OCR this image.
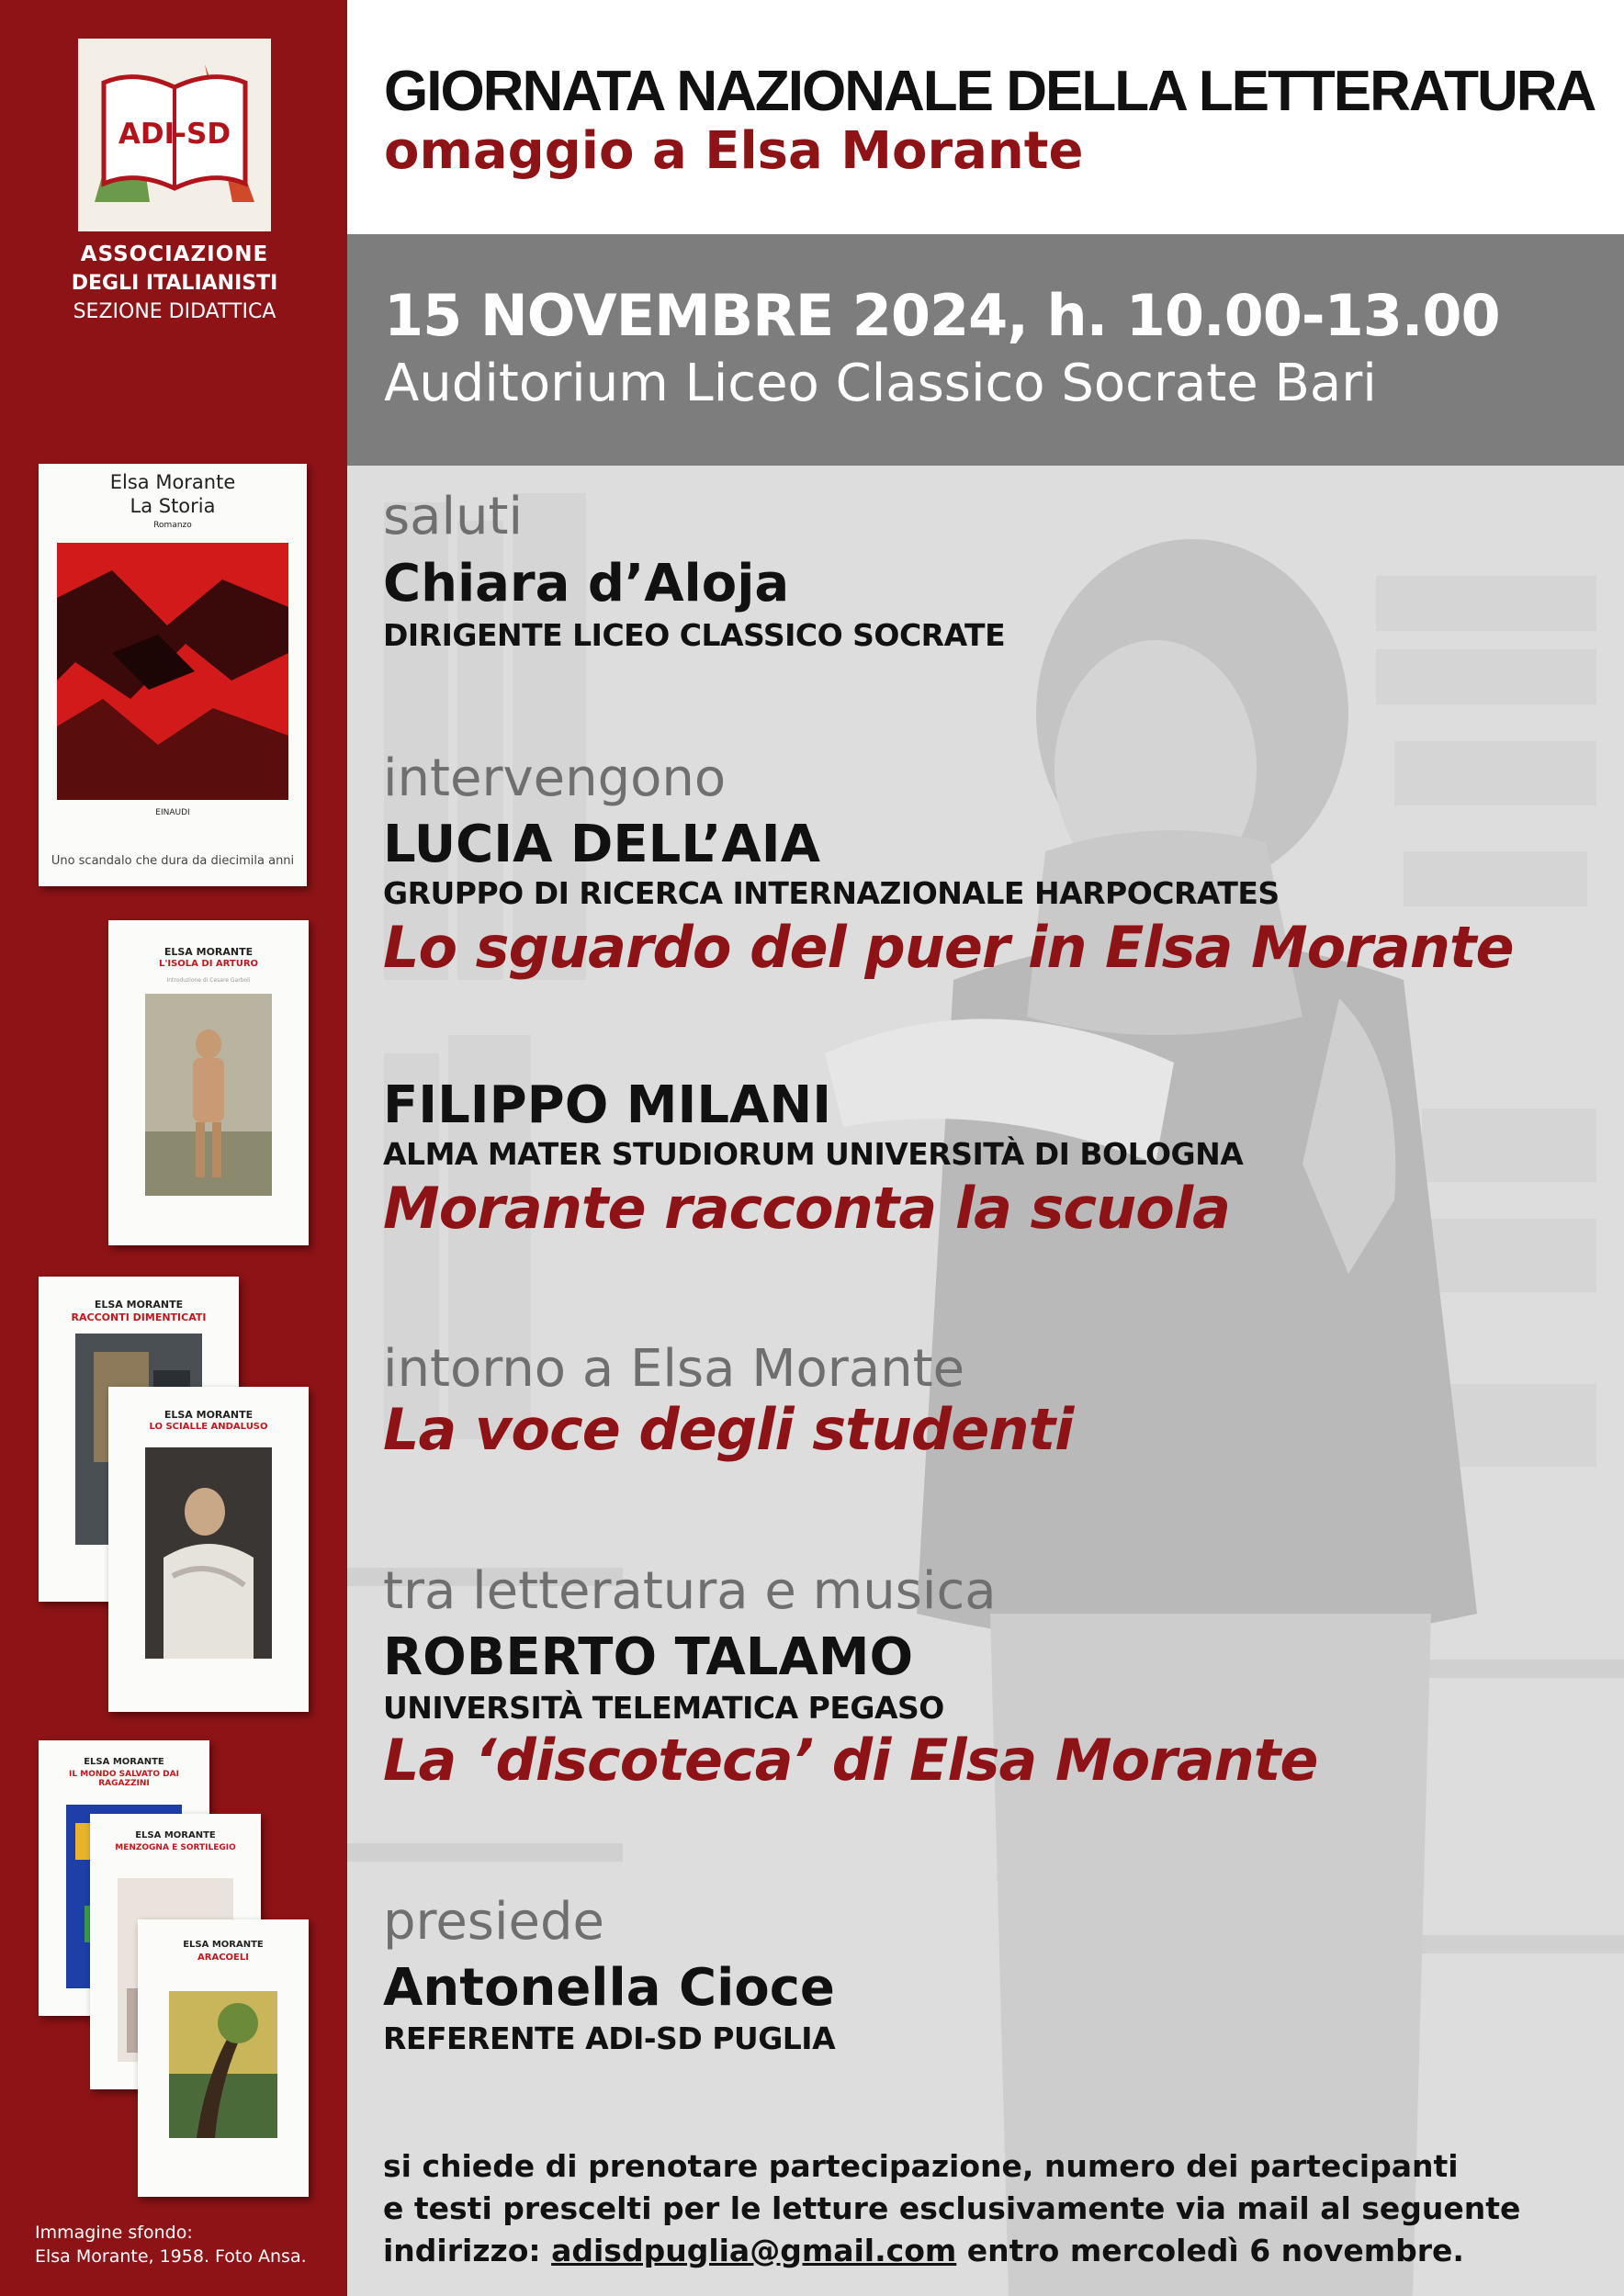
ADI-SD
ASSOCIAZIONE
DEGLI ITALIANISTI
SEZIONE DIDATTICA
Elsa Morante
La Storia
Romanzo
EINAUDI
Uno scandalo che dura da diecimila anni
ELSA MORANTE
L'ISOLA DI ARTURO
Introduzione di Cesare Garboli
ELSA MORANTE
RACCONTI DIMENTICATI
ELSA MORANTE
LO SCIALLE ANDALUSO
ELSA MORANTE
IL MONDO SALVATO DAI RAGAZZINI
ELSA MORANTE
MENZOGNA E SORTILEGIO
ELSA MORANTE
ARACOELI
Immagine sfondo:
Elsa Morante, 1958. Foto Ansa.
GIORNATA NAZIONALE DELLA LETTERATURA
omaggio a Elsa Morante
15 NOVEMBRE 2024, h. 10.00-13.00
Auditorium Liceo Classico Socrate Bari
saluti
Chiara d’Aloja
DIRIGENTE LICEO CLASSICO SOCRATE
intervengono
LUCIA DELL’AIA
GRUPPO DI RICERCA INTERNAZIONALE HARPOCRATES
Lo sguardo del puer in Elsa Morante
FILIPPO MILANI
ALMA MATER STUDIORUM UNIVERSITÀ DI BOLOGNA
Morante racconta la scuola
intorno a Elsa Morante
La voce degli studenti
tra letteratura e musica
ROBERTO TALAMO
UNIVERSITÀ TELEMATICA PEGASO
La ‘discoteca’ di Elsa Morante
presiede
Antonella Cioce
REFERENTE ADI-SD PUGLIA
si chiede di prenotare partecipazione, numero dei partecipanti
e testi prescelti per le letture esclusivamente via mail al seguente
indirizzo: adisdpuglia@gmail.com entro mercoledì 6 novembre.
